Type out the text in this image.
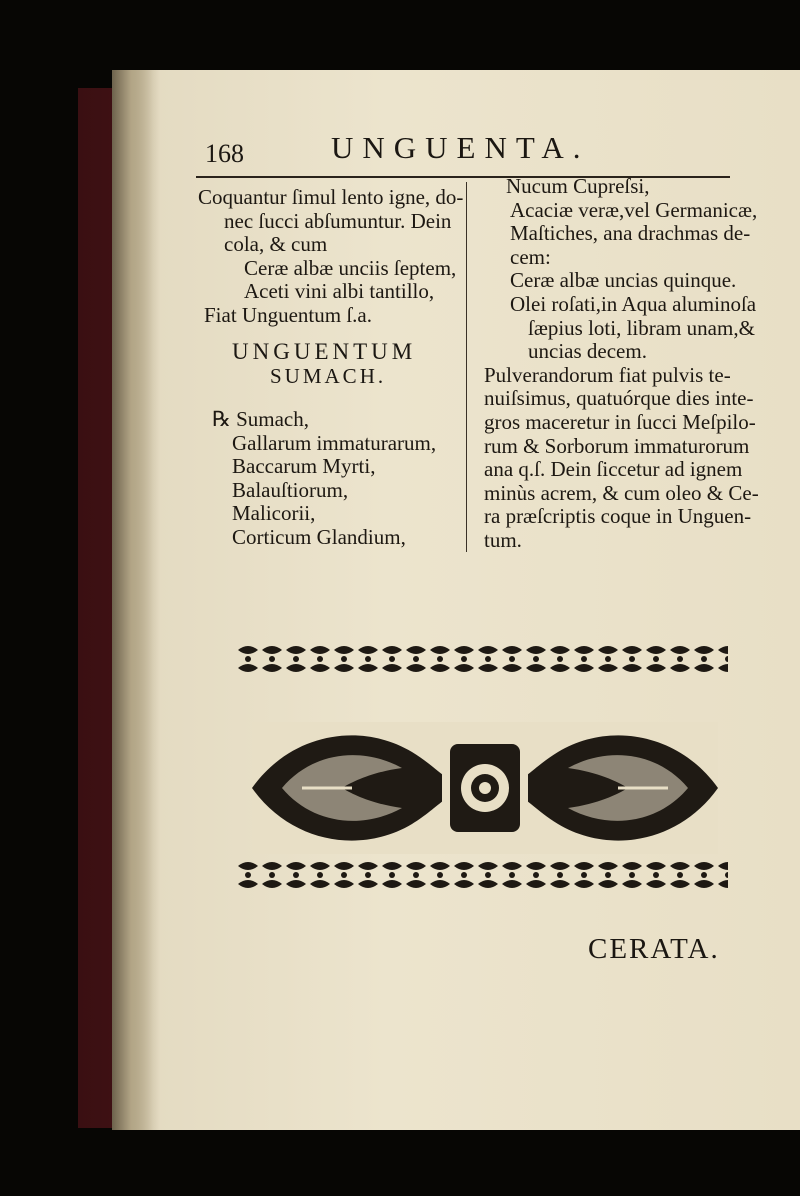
168	UNGUENTA.
Coquantur ſimul lento igne, do-
nec ſucci abſumuntur. Dein
cola, & cum
Ceræ albæ unciis ſeptem,
Aceti vini albi tantillo,
Fiat Unguentum ſ.a.
UNGUENTUM
SUMACH.
℞ Sumach,
Gallarum immaturarum,
Baccarum Myrti,
Balauſtiorum,
Malicorii,
Corticum Glandium,
Nucum Cupreſsi,
Acaciæ veræ,vel Germanicæ,
Maſtiches, ana drachmas de-
cem:
Ceræ albæ uncias quinque.
Olei roſati,in Aqua aluminoſa
ſæpius loti, libram unam,&
uncias decem.
Pulverandorum fiat pulvis te-
nuiſsimus, quatuórque dies inte-
gros maceretur in ſucci Meſpilo-
rum & Sorborum immaturorum
ana q.ſ. Dein ſiccetur ad ignem
minùs acrem, & cum oleo & Ce-
ra præſcriptis coque in Unguen-
tum.
CERATA.
